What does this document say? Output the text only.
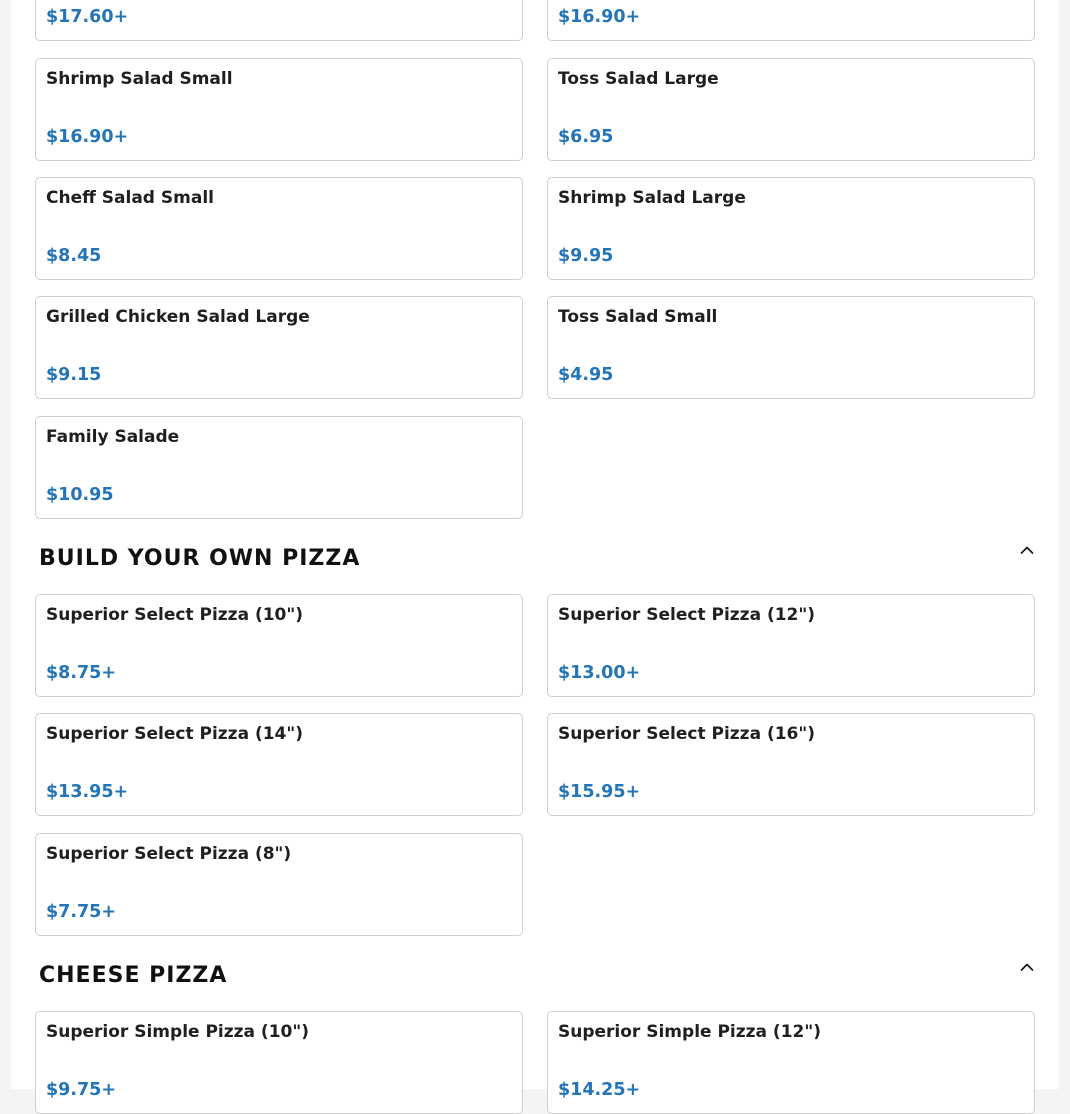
$17.60+	$16.90+
Shrimp Salad Small
$16.90+
Toss Salad Large
$6.95
Cheff Salad Small
$8.45
Shrimp Salad Large
$9.95
Grilled Chicken Salad Large
$9.15
Toss Salad Small
$4.95
Family Salade
$10.95
BUILD YOUR OWN PIZZA
Superior Select Pizza (10")
$8.75+
Superior Select Pizza (12")
$13.00+
Superior Select Pizza (14")
$13.95+
Superior Select Pizza (16")
$15.95+
Superior Select Pizza (8")
$7.75+
CHEESE PIZZA
Superior Simple Pizza (10")
$9.75+
Superior Simple Pizza (12")
$14.25+
